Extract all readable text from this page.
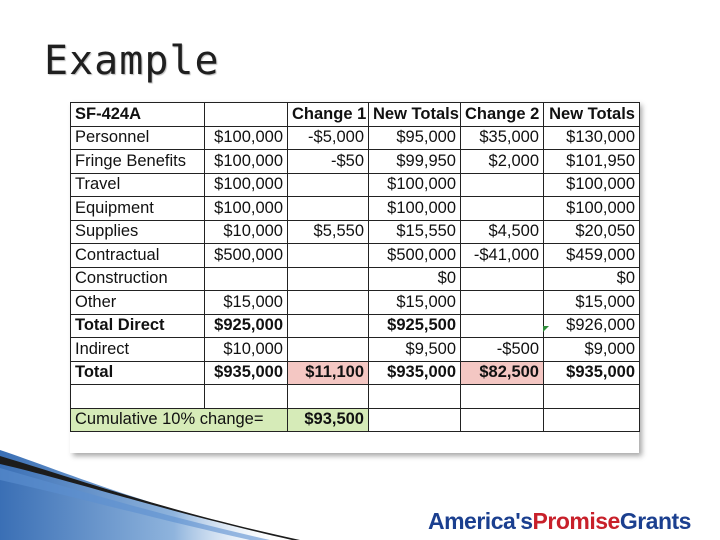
Example
SF-424A		Change 1	New Totals	Change 2	New Totals
Personnel	$100,000	-$5,000	$95,000	$35,000	$130,000
Fringe Benefits	$100,000	-$50	$99,950	$2,000	$101,950
Travel	$100,000		$100,000		$100,000
Equipment	$100,000		$100,000		$100,000
Supplies	$10,000	$5,550	$15,550	$4,500	$20,050
Contractual	$500,000		$500,000	-$41,000	$459,000
Construction			$0		$0
Other	$15,000		$15,000		$15,000
Total Direct	$925,000		$925,500		$926,000
Indirect	$10,000		$9,500	-$500	$9,000
Total	$935,000	$11,100	$935,000	$82,500	$935,000

Cumulative 10% change=		$93,500			
America'sPromiseGrants
